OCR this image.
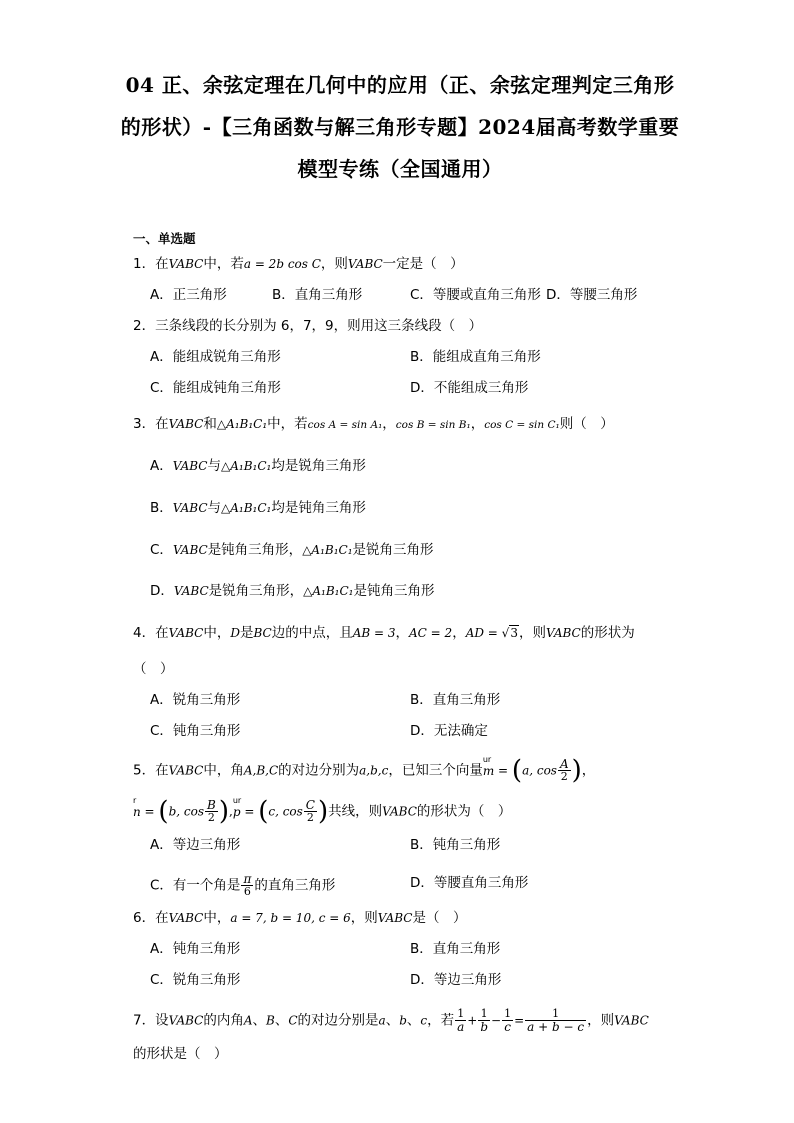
04 正、余弦定理在几何中的应用（正、余弦定理判定三角形
的形状）-【三角函数与解三角形专题】2024届高考数学重要
模型专练（全国通用）
一、单选题
1．在VABC中，若a = 2b cos C，则VABC一定是（　）
A．正三角形	B．直角三角形	C．等腰或直角三角形 D．等腰三角形
2．三条线段的长分别为 6，7，9，则用这三条线段（　）
A．能组成锐角三角形	B．能组成直角三角形
C．能组成钝角三角形	D．不能组成三角形
3．在VABC和△A₁B₁C₁中，若cos A = sin A₁，cos B = sin B₁，cos C = sin C₁则（　）
A．VABC与△A₁B₁C₁均是锐角三角形
B．VABC与△A₁B₁C₁均是钝角三角形
C．VABC是钝角三角形，△A₁B₁C₁是锐角三角形
D．VABC是锐角三角形，△A₁B₁C₁是钝角三角形
4．在VABC中，D是BC边的中点，且AB = 3，AC = 2，AD = √3，则VABC的形状为
（　）
A．锐角三角形	B．直角三角形
C．钝角三角形	D．无法确定
5．在VABC中，角A,B,C的对边分别为a,b,c，已知三个向量
ur
m = (a, $\cos \frac{A}{2}$ )，
r
n = (b, $\cos \frac{B}{2}$ ),
ur
p = (c, $\cos \frac{C}{2}$ )共线，则VABC的形状为（　）
A．等边三角形	B．钝角三角形
C．有一个角是 $\frac{\pi}{6}$ 的直角三角形	D．等腰直角三角形
6．在VABC中，a = 7, b = 10, c = 6，则VABC是（　）
A．钝角三角形	B．直角三角形
C．锐角三角形	D．等边三角形
7．设VABC的内角A、B、C的对边分别是a、b、c，若 $\frac{1}{a} + \frac{1}{b} - \frac{1}{c} = \frac{1}{a + b - c}$ ，则VABC
的形状是（　）
